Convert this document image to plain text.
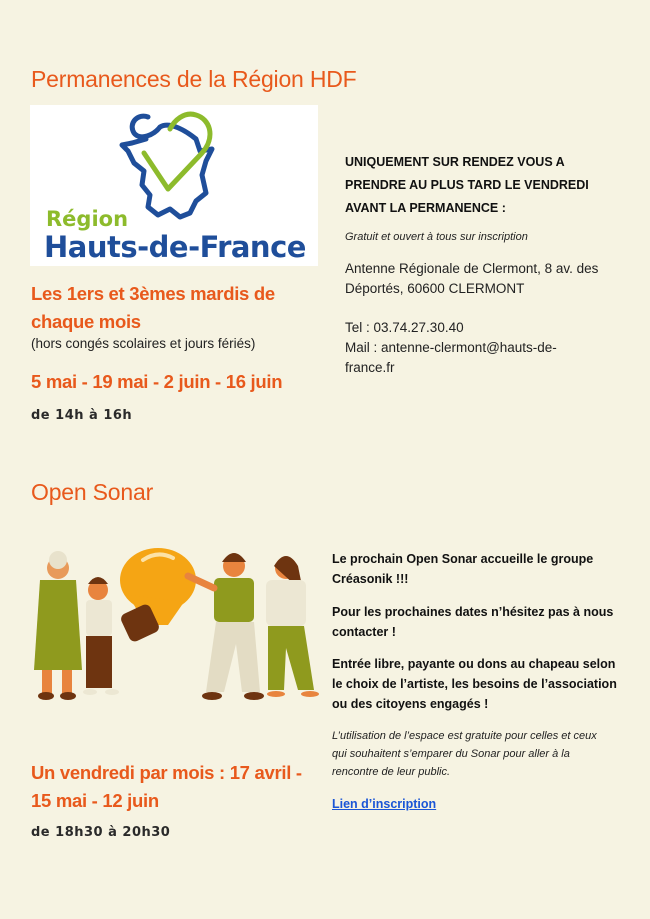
Permanences de la Région HDF
Région
Hauts-de-France
Les 1ers et 3èmes mardis de chaque mois
(hors congés scolaires et jours fériés)
5 mai - 19 mai - 2 juin - 16 juin
de 14h à 16h
UNIQUEMENT SUR RENDEZ VOUS A
PRENDRE AU PLUS TARD LE VENDREDI
AVANT LA PERMANENCE :
Gratuit et ouvert à tous sur inscription
Antenne Régionale de Clermont, 8 av. des
Déportés, 60600 CLERMONT
Tel : 03.74.27.30.40
Mail : antenne-clermont@hauts-de-
france.fr
Open Sonar
Le prochain Open Sonar accueille le groupe
Créasonik !!!
Pour les prochaines dates n’hésitez pas à nous
contacter !
Entrée libre, payante ou dons au chapeau selon
le choix de l’artiste, les besoins de l’association
ou des citoyens engagés !
L’utilisation de l’espace est gratuite pour celles et ceux
qui souhaitent s’emparer du Sonar pour aller à la
rencontre de leur public.
Lien d’inscription
Un vendredi par mois : 17 avril -
15 mai - 12 juin
de 18h30 à 20h30
